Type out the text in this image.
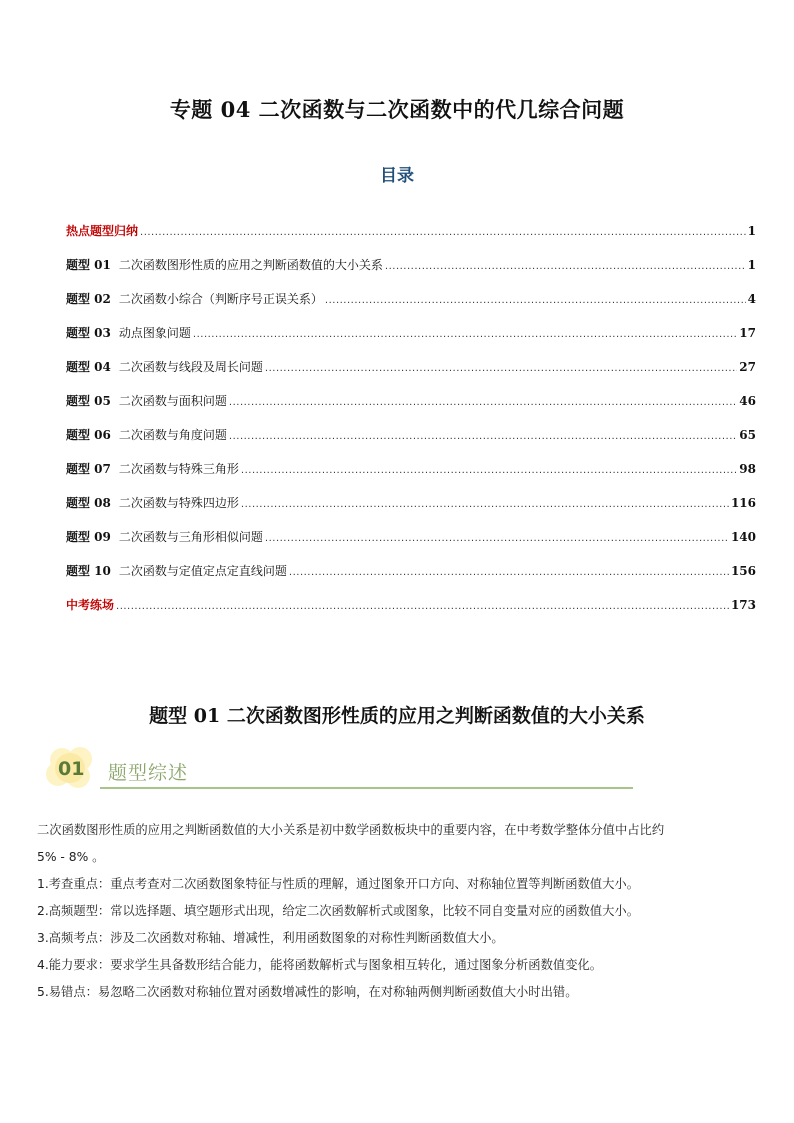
专题 04 二次函数与二次函数中的代几综合问题
目录
热点题型归纳 .....	1
题型 01 二次函数图形性质的应用之判断函数值的大小关系 .....	1
题型 02 二次函数小综合（判断序号正误关系） .....	4
题型 03 动点图象问题 .....	17
题型 04 二次函数与线段及周长问题 .....	27
题型 05 二次函数与面积问题 .....	46
题型 06 二次函数与角度问题 .....	65
题型 07 二次函数与特殊三角形 .....	98
题型 08 二次函数与特殊四边形 .....	116
题型 09 二次函数与三角形相似问题 .....	140
题型 10 二次函数与定值定点定直线问题 .....	156
中考练场 .....	173
题型 01 二次函数图形性质的应用之判断函数值的大小关系
01 题型综述

二次函数图形性质的应用之判断函数值的大小关系是初中数学函数板块中的重要内容，在中考数学整体分值中占比约

5% - 8% 。

1.考查重点：重点考查对二次函数图象特征与性质的理解，通过图象开口方向、对称轴位置等判断函数值大小。

2.高频题型：常以选择题、填空题形式出现，给定二次函数解析式或图象，比较不同自变量对应的函数值大小。

3.高频考点：涉及二次函数对称轴、增减性，利用函数图象的对称性判断函数值大小。

4.能力要求：要求学生具备数形结合能力，能将函数解析式与图象相互转化，通过图象分析函数值变化。

5.易错点：易忽略二次函数对称轴位置对函数增减性的影响，在对称轴两侧判断函数值大小时出错。
